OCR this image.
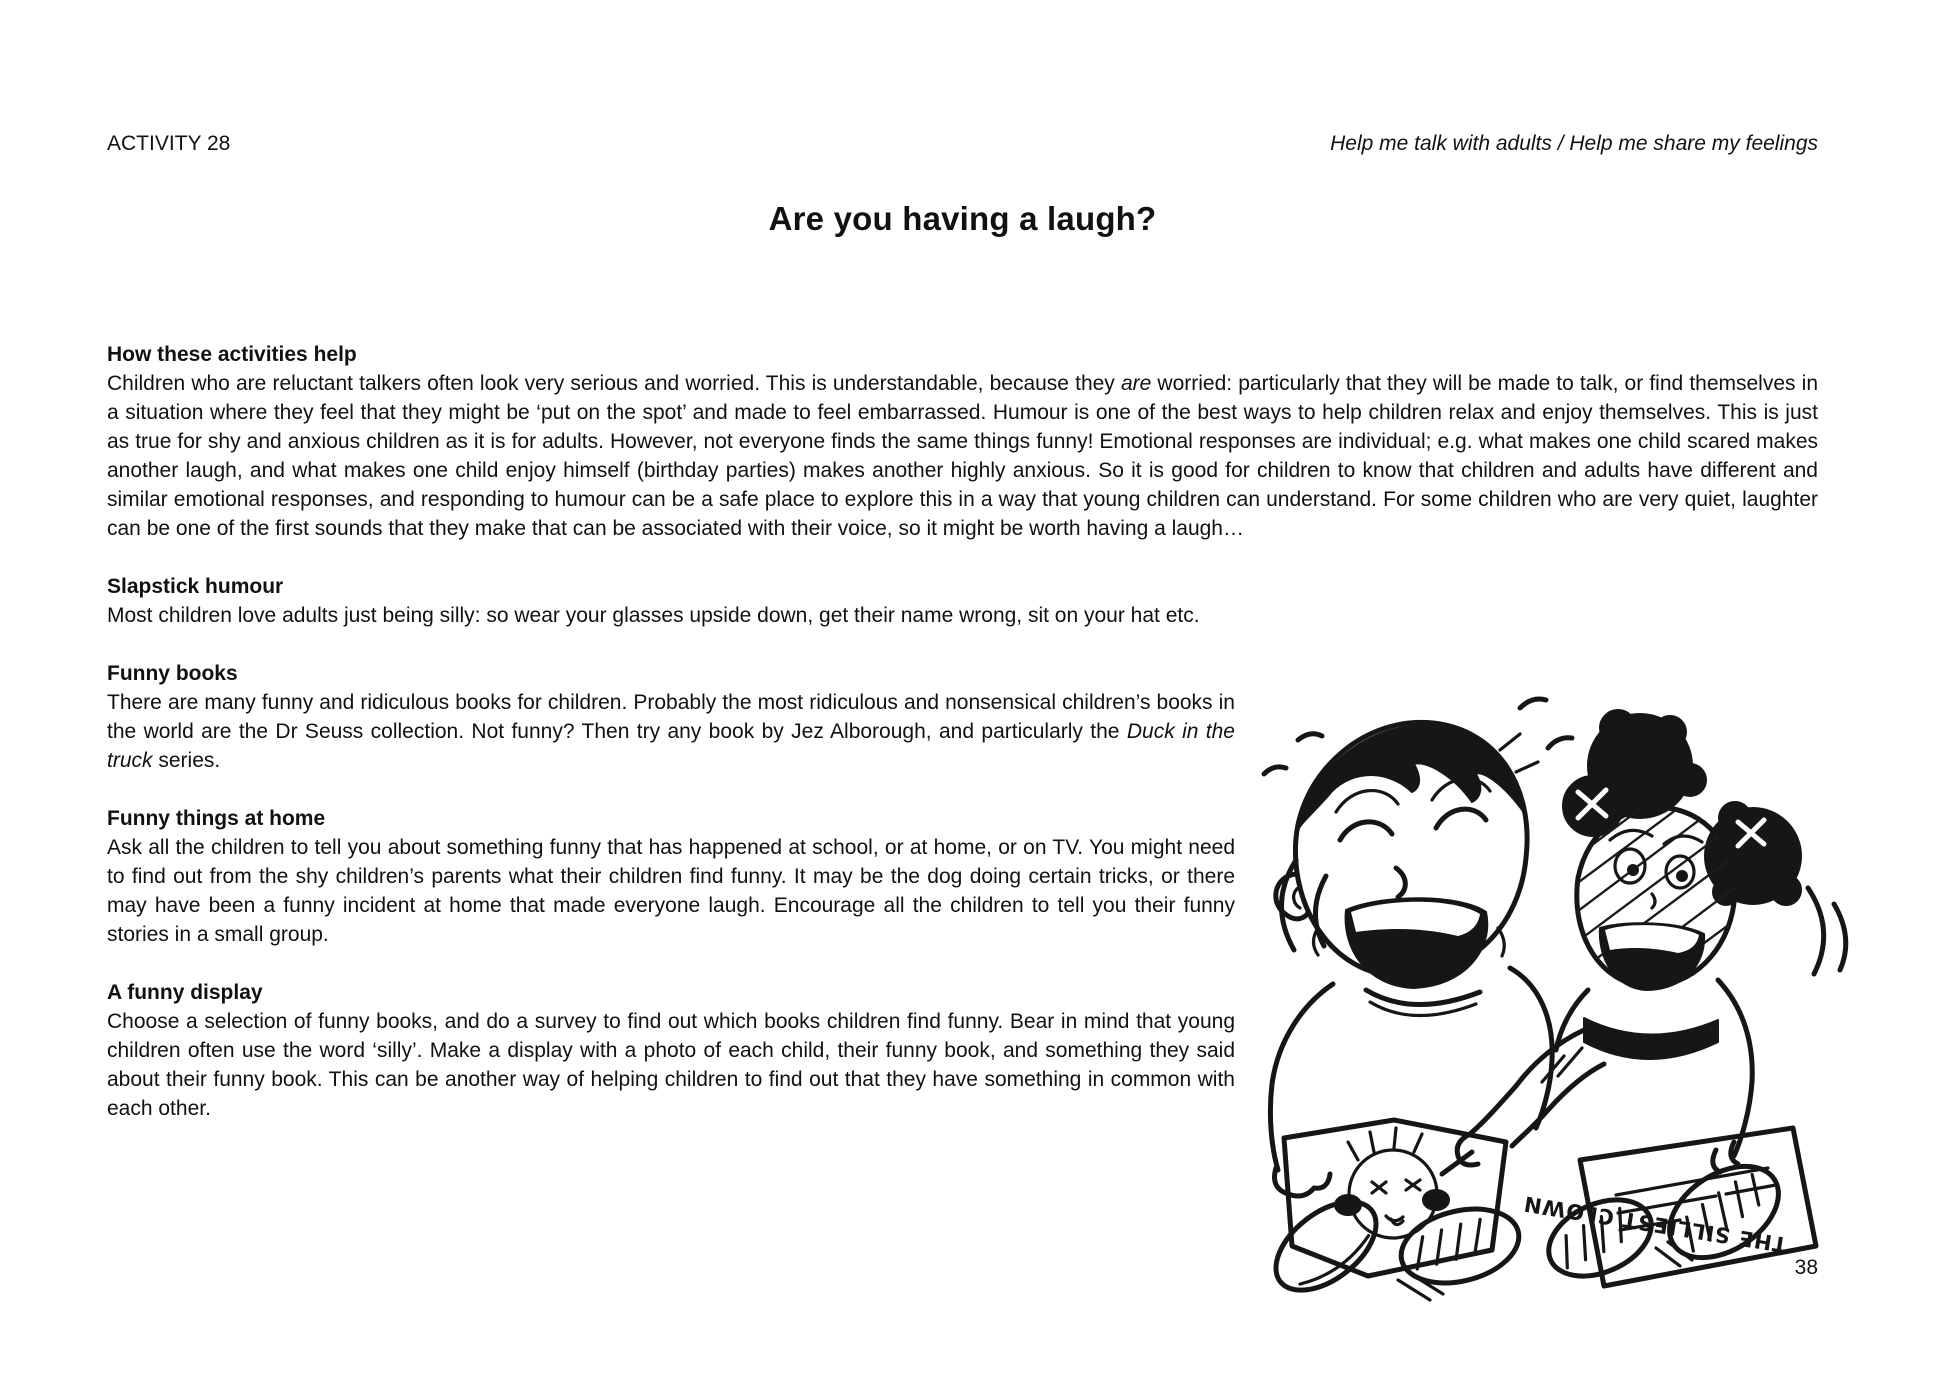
ACTIVITY 28	Help me talk with adults / Help me share my feelings
Are you having a laugh?
How these activities help

Children who are reluctant talkers often look very serious and worried. This is understandable, because they are worried: particularly that they will be made to talk, or find themselves in a situation where they feel that they might be ‘put on the spot’ and made to feel embarrassed. Humour is one of the best ways to help children relax and enjoy themselves. This is just as true for shy and anxious children as it is for adults. However, not everyone finds the same things funny! Emotional responses are individual; e.g. what makes one child scared makes another laugh, and what makes one child enjoy himself (birthday parties) makes another highly anxious. So it is good for children to know that children and adults have different and similar emotional responses, and responding to humour can be a safe place to explore this in a way that young children can understand. For some children who are very quiet, laughter can be one of the first sounds that they make that can be associated with their voice, so it might be worth having a laugh…

Slapstick humour

Most children love adults just being silly: so wear your glasses upside down, get their name wrong, sit on your hat etc.

Funny books

There are many funny and ridiculous books for children. Probably the most ridiculous and nonsensical children’s books in the world are the Dr Seuss collection. Not funny? Then try any book by Jez Alborough, and particularly the Duck in the truck series.

Funny things at home

Ask all the children to tell you about something funny that has happened at school, or at home, or on TV. You might need to find out from the shy children’s parents what their children find funny. It may be the dog doing certain tricks, or there may have been a funny incident at home that made everyone laugh. Encourage all the children to tell you their funny stories in a small group.

A funny display

Choose a selection of funny books, and do a survey to find out which books children find funny. Bear in mind that young children often use the word ‘silly’. Make a display with a photo of each child, their funny book, and something they said about their funny book. This can be another way of helping children to find out that they have something in common with each other.

THE SILLIEST CLOWN
38
